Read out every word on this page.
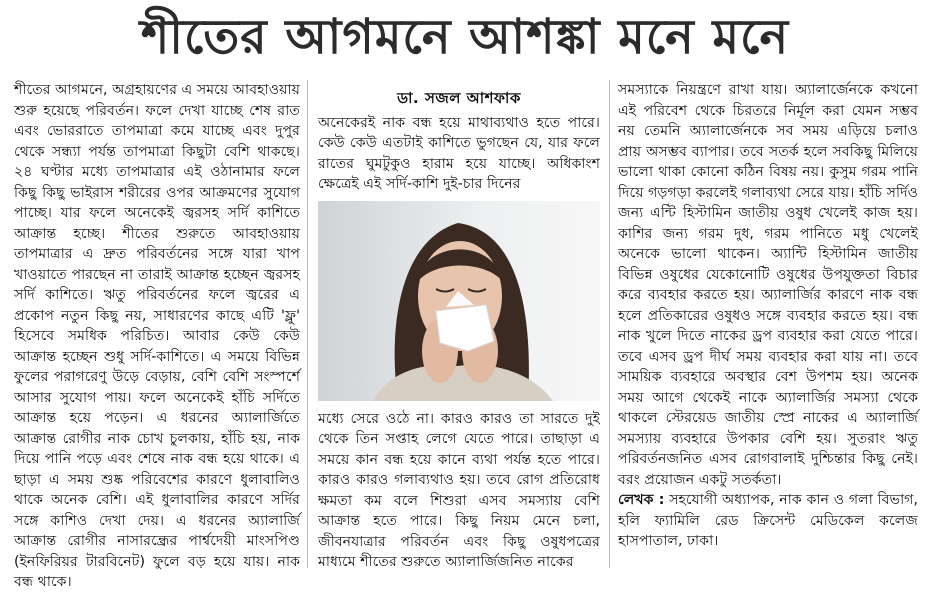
শীতের আগমনে আশঙ্কা মনে মনে

শীতের আগমনে, অগ্রহায়ণের এ সময়ে আবহাওয়ায় শুরু হয়েছে পরিবর্তন। ফলে দেখা যাচ্ছে শেষ রাত এবং ভোররাতে তাপমাত্রা কমে যাচ্ছে এবং দুপুর থেকে সন্ধ্যা পর্যন্ত তাপমাত্রা কিছুটা বেশি থাকছে। ২৪ ঘণ্টার মধ্যে তাপমাত্রার এই ওঠানামার ফলে কিছু কিছু ভাইরাস শরীরের ওপর আক্রমণের সুযোগ পাচ্ছে। যার ফলে অনেকেই জ্বরসহ সর্দি কাশিতে আক্রান্ত হচ্ছে। শীতের শুরুতে আবহাওয়ায় তাপমাত্রার এ দ্রুত পরিবর্তনের সঙ্গে যারা খাপ খাওয়াতে পারছেন না তারাই আক্রান্ত হচ্ছেন জ্বরসহ সর্দি কাশিতে। ঋতু পরিবর্তনের ফলে জ্বরের এ প্রকোপ নতুন কিছু নয়, সাধারণের কাছে এটি 'ফ্লু' হিসেবে সমধিক পরিচিত। আবার কেউ কেউ আক্রান্ত হচ্ছেন শুধু সর্দি-কাশিতে। এ সময়ে বিভিন্ন ফুলের পরাগরেণু উড়ে বেড়ায়, বেশি বেশি সংস্পর্শে আসার সুযোগ পায়। ফলে অনেকেই হাঁচি সর্দিতে আক্রান্ত হয়ে পড়েন। এ ধরনের অ্যালার্জিতে আক্রান্ত রোগীর নাক চোখ চুলকায়, হাঁচি হয়, নাক দিয়ে পানি পড়ে এবং শেষে নাক বন্ধ হয়ে থাকে। এ ছাড়া এ সময় শুষ্ক পরিবেশের কারণে ধুলাবালিও থাকে অনেক বেশি। এই ধুলাবালির কারণে সর্দির সঙ্গে কাশিও দেখা দেয়। এ ধরনের অ্যালার্জি আক্রান্ত রোগীর নাসারন্ধ্রের পার্শ্বদেয়ী মাংসপিণ্ড (ইনফিরিয়র টারবিনেট) ফুলে বড় হয়ে যায়। নাক বন্ধ থাকে।

ডা. সজল আশফাক

অনেকেরই নাক বন্ধ হয়ে মাথাব্যথাও হতে পারে। কেউ কেউ এতটাই কাশিতে ভুগছেন যে, যার ফলে রাতের ঘুমটুকুও হারাম হয়ে যাচ্ছে। অধিকাংশ ক্ষেত্রেই এই সর্দি-কাশি দুই-চার দিনের

মধ্যে সেরে ওঠে না। কারও কারও তা সারতে দুই থেকে তিন সপ্তাহ লেগে যেতে পারে। তাছাড়া এ সময়ে কান বন্ধ হয়ে কানে ব্যথা পর্যন্ত হতে পারে। কারও কারও গলাব্যথাও হয়। তবে রোগ প্রতিরোধ ক্ষমতা কম বলে শিশুরা এসব সমস্যায় বেশি আক্রান্ত হতে পারে। কিছু নিয়ম মেনে চলা, জীবনযাত্রার পরিবর্তন এবং কিছু ওষুধপত্রের মাধ্যমে শীতের শুরুতে অ্যালার্জিজনিত নাকের

সমস্যাকে নিয়ন্ত্রণে রাখা যায়। অ্যালার্জেনকে কখনো এই পরিবেশ থেকে চিরতরে নির্মূল করা যেমন সম্ভব নয় তেমনি অ্যালার্জেনকে সব সময় এড়িয়ে চলাও প্রায় অসম্ভব ব্যাপার। তবে সতর্ক হলে সবকিছু মিলিয়ে ভালো থাকা কোনো কঠিন বিষয় নয়। কুসুম গরম পানি দিয়ে গড়গড়া করলেই গলাব্যথা সেরে যায়। হাঁচি সর্দিও জন্য এন্টি হিস্টামিন জাতীয় ওষুধ খেলেই কাজ হয়। কাশির জন্য গরম দুধ, গরম পানিতে মধু খেলেই অনেকে ভালো থাকেন। অ্যান্টি হিস্টামিন জাতীয় বিভিন্ন ওষুধের যেকোনোটি ওষুধের উপযুক্ততা বিচার করে ব্যবহার করতে হয়। অ্যালার্জির কারণে নাক বন্ধ হলে প্রতিকারের ওষুধও সঙ্গে ব্যবহার করতে হয়। বন্ধ নাক খুলে দিতে নাকের ড্রপ ব্যবহার করা যেতে পারে। তবে এসব ড্রপ দীর্ঘ সময় ব্যবহার করা যায় না। তবে সাময়িক ব্যবহারে অবস্থার বেশ উপশম হয়। অনেক সময় আগে থেকেই নাকে অ্যালার্জির সমস্যা থেকে থাকলে স্টেরয়েড জাতীয় স্প্রে নাকের এ অ্যালার্জি সমস্যায় ব্যবহারে উপকার বেশি হয়। সুতরাং ঋতু পরিবর্তনজনিত এসব রোগবালাই দুশ্চিন্তার কিছু নেই। বরং প্রয়োজন একটু সতর্কতা।

লেখক : সহযোগী অধ্যাপক, নাক কান ও গলা বিভাগ, হলি ফ্যামিলি রেড ক্রিসেন্ট মেডিকেল কলেজ হাসপাতাল, ঢাকা।
